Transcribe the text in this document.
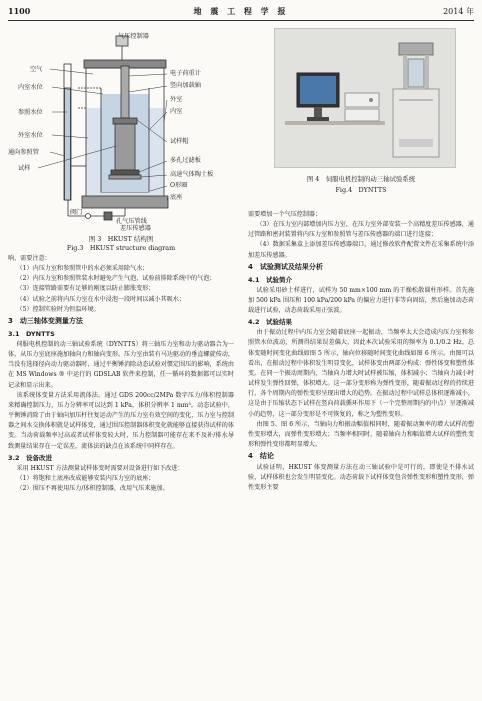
1100	地 震 工 程 学 报	2014 年
气压控制器
空气
内室水位
参照水位
外室水位
通向参照管
试样
电子荷重计
竖向加载轴
外室
内室
试样帽
多孔过滤板
高速气体陶土板
O形圈
底座
阀门
孔气压管线
差压传感器
图 3　HKUST 结构图
Fig.3　HKUST structure diagram
图 4　伺服电机控制的动三轴试验系统
Fig.4　DYNTTS

响，需要注意：

（1）内压力室和参照管中的水必须采用除气水；

（2）内压力室和参照管装水时避免产生气泡，试验前排除系统中的气泡；

（3）连接管路需要有足够的刚度以防止膨胀变形；

（4）试验之前将内压力室在水中浸泡一段时间以减小其吸水；

（5）控制实验时为恒温环境。

3　动三轴体变测量方法
3.1　DYNTTS

伺服电机控制的动三轴试验系统（DYNTTS）将三轴压力室和动力驱动器合为一体，从压力室底座施加轴向力和轴向变形。压力室由装有马达驱动的垂直螺旋传动，当没有选择径向动力驱动器时，通过平衡锤消除动态试验对惯定围压的影响，系统由在 MS Windows ® 中运行的 GDSLAB 软件来控制，任一循环的数据都可以实时记录和显示出来。

该系统体变量方法采用流体法。通过 GDS 200cc/2MPa 数字压力/体积控制器来精确控制压力，压力分辨率可以达到 1 kPa，体积分辨率 1 mm³。动态试验中，平衡锤消除了由于轴向加压杆往复运动产生的压力室有效空间的变化，压力室与控制器之间水交换体积就是试样体变，通过围压控制器体积变化就能够直接获得试样的体变。当动荷载频率过高或者试样体变较大时，压力控制器可能存在来不及补/排水导致测量结果存在一定误差，流体法的缺点在该系统中同样存在。

3.2　设备改进

采用 HKUST 方法测量试样体变时需要对设备进行如下改进：

（1）将饱和土底座改成能够安装内压力室的底座；

（2）围压不再使用压力/体积控制器，改用气压来施加。

需要增加一个气压控制器；

（3）在压力室内部增加内压力室，在压力室外部安装一个高精度差压传感器，通过管路和密封装置将内压力室和参照管与差压传感器的端口进行连接；

（4）数据采集盒上添加差压传感器端口，通过修改软件配置文件在采集系统中添加差压传感器。

4　试验测试及结果分析
4.1　试验简介

试验采用砂土样进行，试样为 50 mm×100 mm 的干燥松散圆柱形样。首先施加 500 kPa 围压和 100 kPa/200 kPa 的偏应力进行非等向固结，然后施加动态荷载进行试验，动态荷载采用正弦波。

4.2　试验结果

由于振动过程中内压力室会随着底座一起振动，当频率太大会造成内压力室和参照管水位波动，所测得结果误差偏大，因此本次试验采用的频率为 0.1/0.2 Hz。总体变随时间变化曲线如图 5 所示，轴向位移随时间变化曲线如图 6 所示。由图可以看出，在振动过程中体积发生明显变化，试样体变由两部分构成：弹性体变和塑性体变。在同一个振动周期内，当轴向力增大时试样被压缩，体积减小；当轴向力减小时试样发生弹性回弹，体积增大。这一部分变形称为弹性变形，随着振动过程的持续进行，各个周期内的弹性变形呈现出增大的趋势。在振动过程中试样总体积逐渐减小，这是由于压缩状态下试样在竖向荷载循环作用下（一个完整周期内的中点）呈逐渐减小的趋势，这一部分变形是不可恢复的，称之为塑性变形。

由图 5、图 6 所示，当轴向力和振动幅值相同时，随着振动频率的增大试样的塑性变形增大，而弹性变形增大；当频率相同时，随着轴向力和幅值增大试样的塑性变形和弹性变形都明显增大。

4　结论

试验证明，HKUST 体变测量方法在动三轴试验中是可行的，即使是不排水试验，试样体积也会发生明显变化。动态荷载下试样体变包含弹性变形和塑性变形，弹性变形主要
